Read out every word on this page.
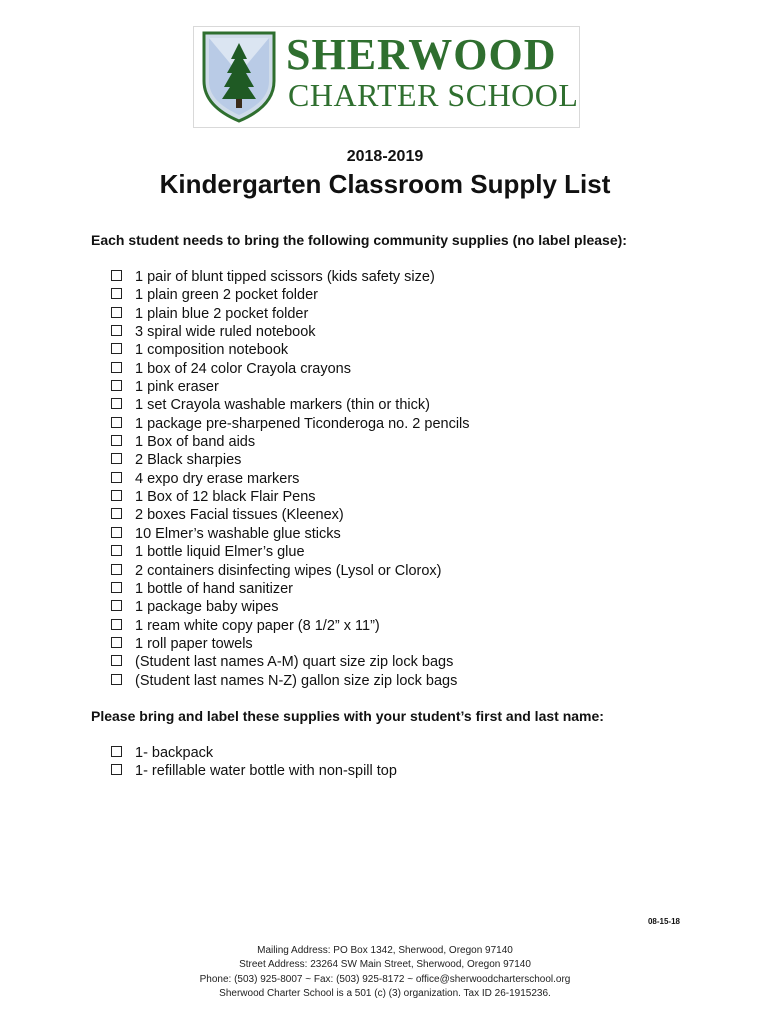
SHERWOOD
CHARTER SCHOOL
2018-2019
Kindergarten Classroom Supply List
Each student needs to bring the following community supplies (no label please):
1 pair of blunt tipped scissors (kids safety size)
1 plain green 2 pocket folder
1 plain blue 2 pocket folder
3 spiral wide ruled notebook
1 composition notebook
1 box of 24 color Crayola crayons
1 pink eraser
1 set Crayola washable markers (thin or thick)
1 package pre-sharpened Ticonderoga no. 2 pencils
1 Box of band aids
2 Black sharpies
4 expo dry erase markers
1 Box of 12 black Flair Pens
2 boxes Facial tissues (Kleenex)
10 Elmer’s washable glue sticks
1 bottle liquid Elmer’s glue
2 containers disinfecting wipes (Lysol or Clorox)
1 bottle of hand sanitizer
1 package baby wipes
1 ream white copy paper (8 1/2” x 11”)
1 roll paper towels
(Student last names A-M) quart size zip lock bags
(Student last names N-Z) gallon size zip lock bags
Please bring and label these supplies with your student’s first and last name:
1- backpack
1- refillable water bottle with non-spill top
08-15-18
Mailing Address: PO Box 1342, Sherwood, Oregon 97140
Street Address: 23264 SW Main Street, Sherwood, Oregon 97140
Phone: (503) 925-8007 ~ Fax: (503) 925-8172 ~ office@sherwoodcharterschool.org
Sherwood Charter School is a 501 (c) (3) organization. Tax ID 26-1915236.
